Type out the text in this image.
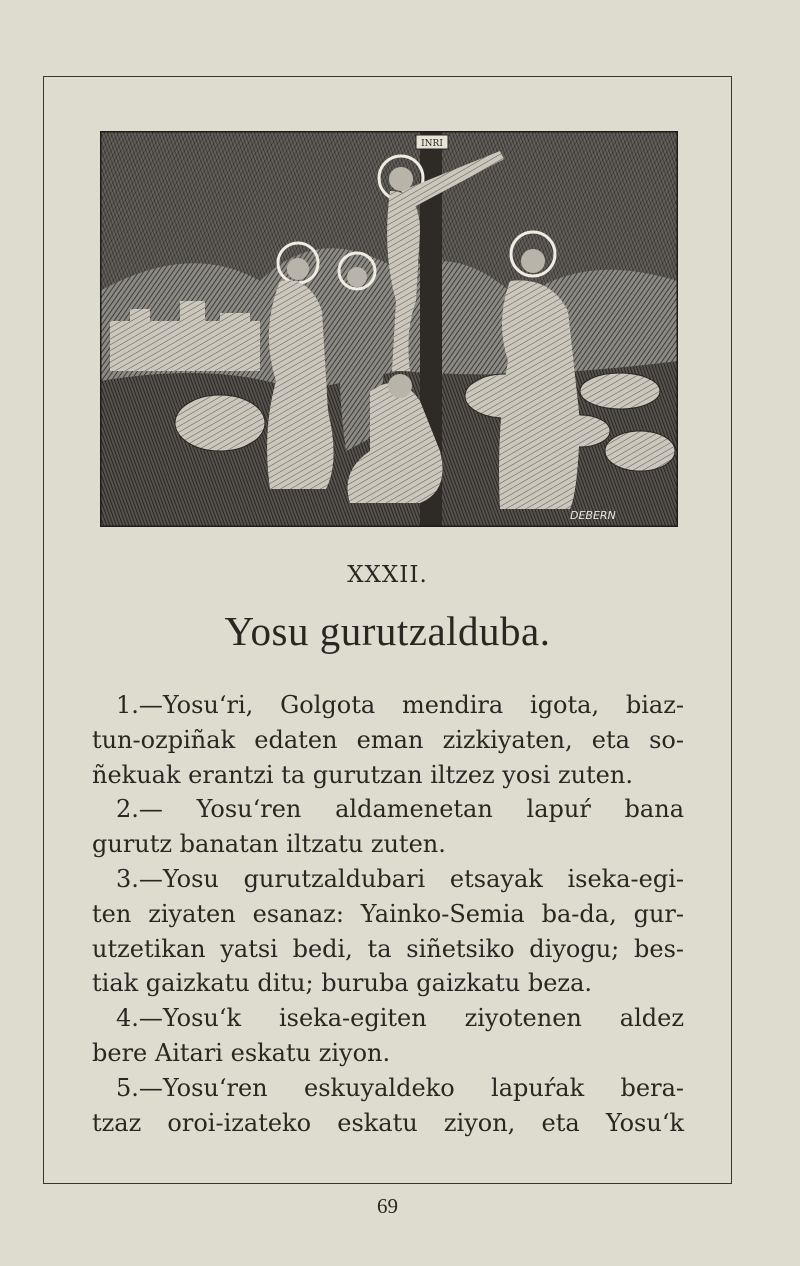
INRI
DEBERN
XXXII.
Yosu gurutzalduba.
1.—Yosu‘ri, Golgota mendira igota, biaz-
tun-ozpiñak edaten eman zizkiyaten, eta so-
ñekuak erantzi ta gurutzan iltzez yosi zuten.
2.— Yosu‘ren aldamenetan lapuŕ bana
gurutz banatan iltzatu zuten.
3.—Yosu gurutzaldubari etsayak iseka-egi-
ten ziyaten esanaz: Yainko-Semia ba-da, gur-
utzetikan yatsi bedi, ta siñetsiko diyogu; bes-
tiak gaizkatu ditu; buruba gaizkatu beza.
4.—Yosu‘k iseka-egiten ziyotenen aldez
bere Aitari eskatu ziyon.
5.—Yosu‘ren eskuyaldeko lapuŕak bera-
tzaz oroi-izateko eskatu ziyon, eta Yosu‘k
69
